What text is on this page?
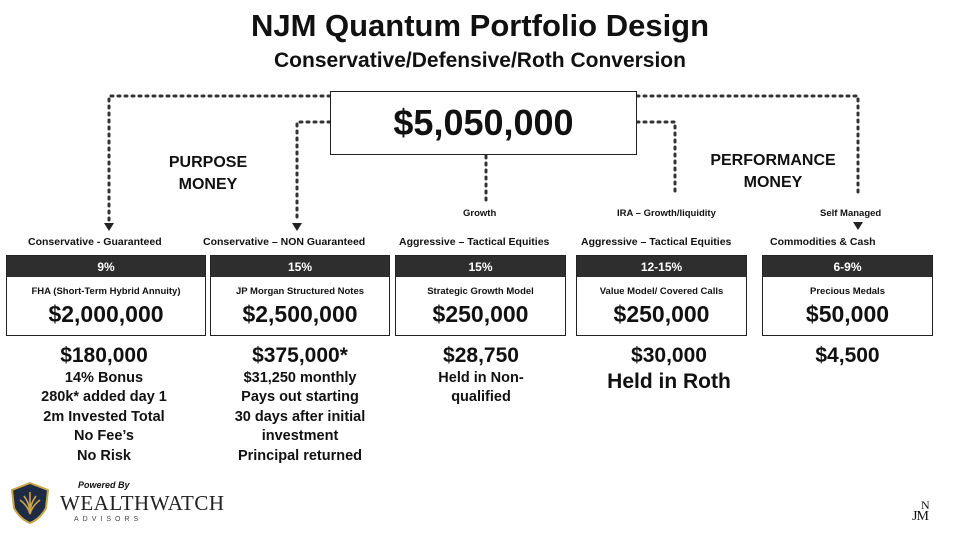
NJM Quantum Portfolio Design
Conservative/Defensive/Roth Conversion
$5,050,000
PURPOSE MONEY
PERFORMANCE MONEY
Growth	IRA – Growth/liquidity	Self Managed
Conservative - Guaranteed	Conservative – NON Guaranteed	Aggressive – Tactical Equities	Aggressive – Tactical Equities	Commodities & Cash
9%
FHA (Short-Term Hybrid Annuity)
$2,000,000
15%
JP Morgan Structured Notes
$2,500,000
15%
Strategic Growth Model
$250,000
12-15%
Value Model/ Covered Calls
$250,000
6-9%
Precious Medals
$50,000
$180,000
14% Bonus
280k* added day 1
2m Invested Total
No Fee’s
No Risk
$375,000*
$31,250 monthly
Pays out starting
30 days after initial
investment
Principal returned
$28,750
Held in Non-
qualified
$30,000
Held in Roth
$4,500
Powered By
WEALTHWATCH
ADVISORS
N
JM
